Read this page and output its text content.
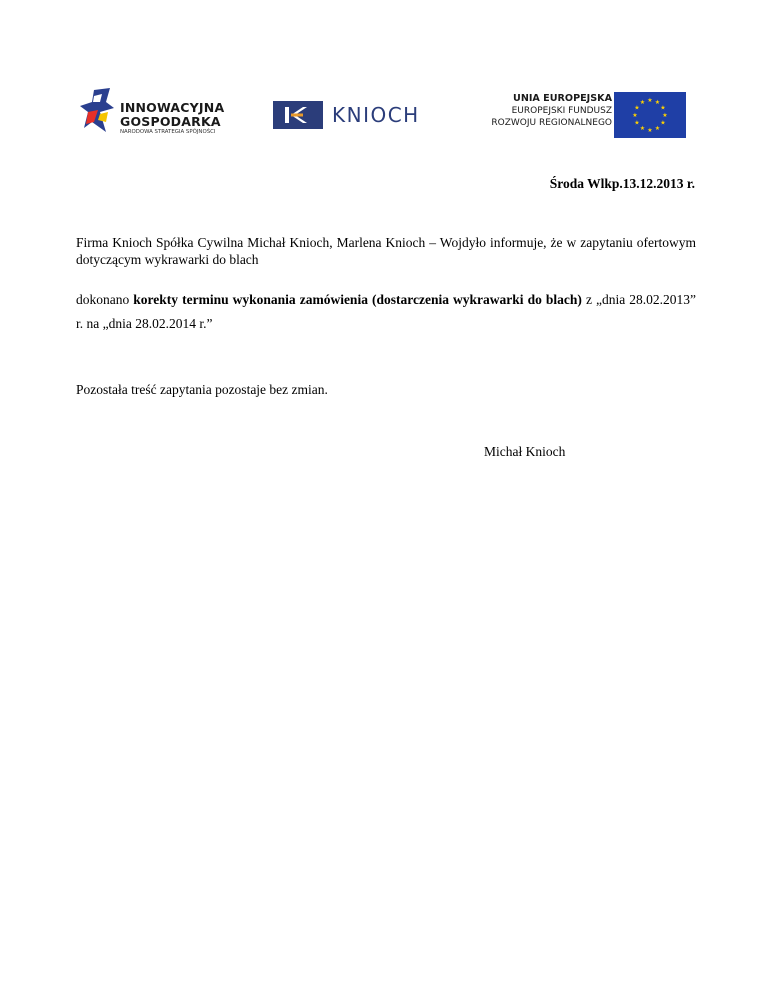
INNOWACYJNA
GOSPODARKA
NARODOWA STRATEGIA SPÓJNOŚCI
KNIOCH
UNIA EUROPEJSKA
EUROPEJSKI FUNDUSZ
ROZWOJU REGIONALNEGO
★ ★
★
★
★
★
★
★
★
★
★
★
Środa Wlkp.13.12.2013 r.

Firma Knioch Spółka Cywilna Michał Knioch, Marlena Knioch – Wojdyło informuje, że w zapytaniu ofertowym dotyczącym wykrawarki do blach

dokonano korekty terminu wykonania zamówienia (dostarczenia wykrawarki do blach) z „dnia 28.02.2013” r. na „dnia 28.02.2014 r.”

Pozostała treść zapytania pozostaje bez zmian.

Michał Knioch
